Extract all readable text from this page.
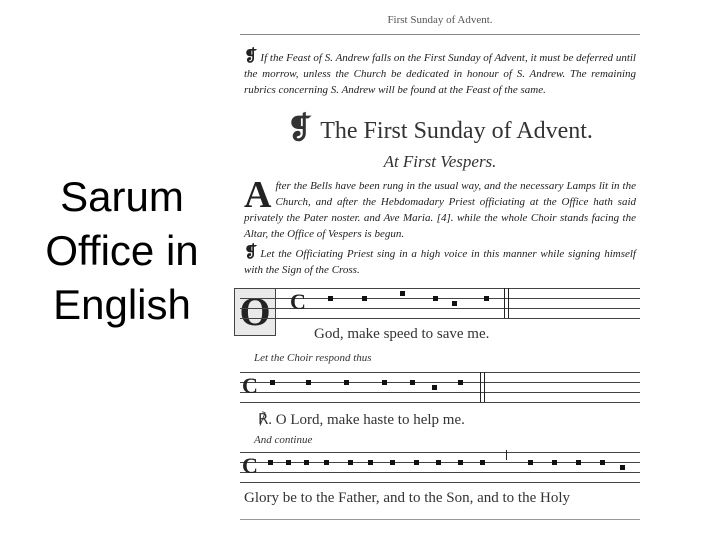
Sarum
Office in
English
First Sunday of Advent.
❡ If the Feast of S. Andrew falls on the First Sunday of Advent, it must be deferred until the morrow, unless the Church be dedicated in honour of S. Andrew. The remaining rubrics concerning S. Andrew will be found at the Feast of the same.
❡ The First Sunday of Advent.
At First Vespers.
A fter the Bells have been rung in the usual way, and the necessary Lamps lit in the Church, and after the Hebdomadary Priest officiating at the Office hath said privately the Pater noster. and Ave Maria. [4]. while the whole Choir stands facing the Altar, the Office of Vespers is begun.
❡ Let the Officiating Priest sing in a high voice in this manner while signing himself with the Sign of the Cross.
O C
God, make speed to save me.
Let the Choir respond thus
C
℟. O Lord, make haste to help me.
And continue
C
Glory be to the Father, and to the Son, and to the Holy
